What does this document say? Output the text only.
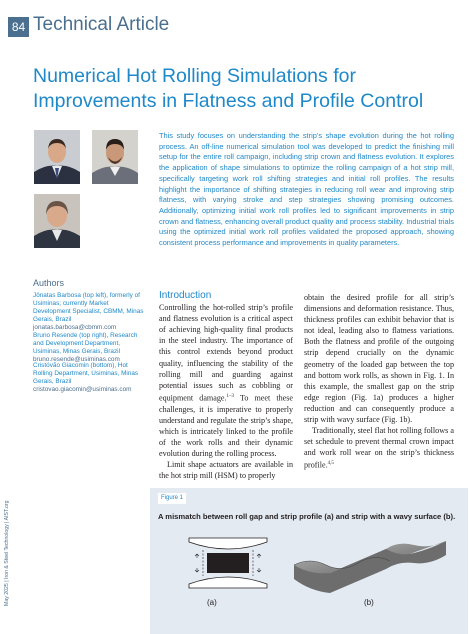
84 Technical Article
Numerical Hot Rolling Simulations for
Improvements in Flatness and Profile Control
This study focuses on understanding the strip’s shape evolution during the hot rolling process. An off-line numerical simulation tool was developed to predict the finishing mill setup for the entire roll campaign, including strip crown and flatness evolution. It explores the application of shape simulations to optimize the rolling campaign of a hot strip mill, specifically targeting work roll shifting strategies and initial roll profiles. The results highlight the importance of shifting strategies in reducing roll wear and improving strip flatness, with varying stroke and step strategies showing promising outcomes. Additionally, optimizing initial work roll profiles led to significant improvements in strip crown and flatness, enhancing overall product quality and process stability. Industrial trials using the optimized initial work roll profiles validated the proposed approach, showing consistent process performance and improvements in quality parameters.
Authors
Jônatas Barbosa (top left), formerly of Usiminas; currently Market Development Specialist, CBMM, Minas Gerais, Brazil
jonatas.barbosa@cbmm.com
Bruno Resende (top right), Research and Development Department, Usiminas, Minas Gerais, Brazil
bruno.resende@usiminas.com
Cristóvão Giacomin (bottom), Hot Rolling Department, Usiminas, Minas Gerais, Brazil
cristovao.giacomin@usiminas.com
Introduction

Controlling the hot-rolled strip’s profile and flatness evolution is a critical aspect of achieving high-quality final products in the steel industry. The importance of this control extends beyond product quality, influencing the stability of the rolling mill and guarding against potential issues such as cobbling or equipment damage.$^{1-3}$ To meet these challenges, it is imperative to properly understand and regulate the strip’s shape, which is intricately linked to the profile of the work rolls and their dynamic evolution during the rolling process.

Limit shape actuators are available in the hot strip mill (HSM) to properly

obtain the desired profile for all strip’s dimensions and deformation resistance. Thus, thickness profiles can exhibit behavior that is not ideal, leading also to flatness variations. Both the flatness and profile of the outgoing strip depend crucially on the dynamic geometry of the loaded gap between the top and bottom work rolls, as shown in Fig. 1. In this example, the smallest gap on the strip edge region (Fig. 1a) produces a higher reduction and can consequently produce a strip with wavy surface (Fig. 1b).

Traditionally, steel flat hot rolling follows a set schedule to prevent thermal crown impact and work roll wear on the strip’s thickness profile.$^{4,5}$

Figure 1
A mismatch between roll gap and strip profile (a) and strip with a wavy surface (b).
(a)	(b)
May 2025 | Iron & Steel Technology | AIST.org
